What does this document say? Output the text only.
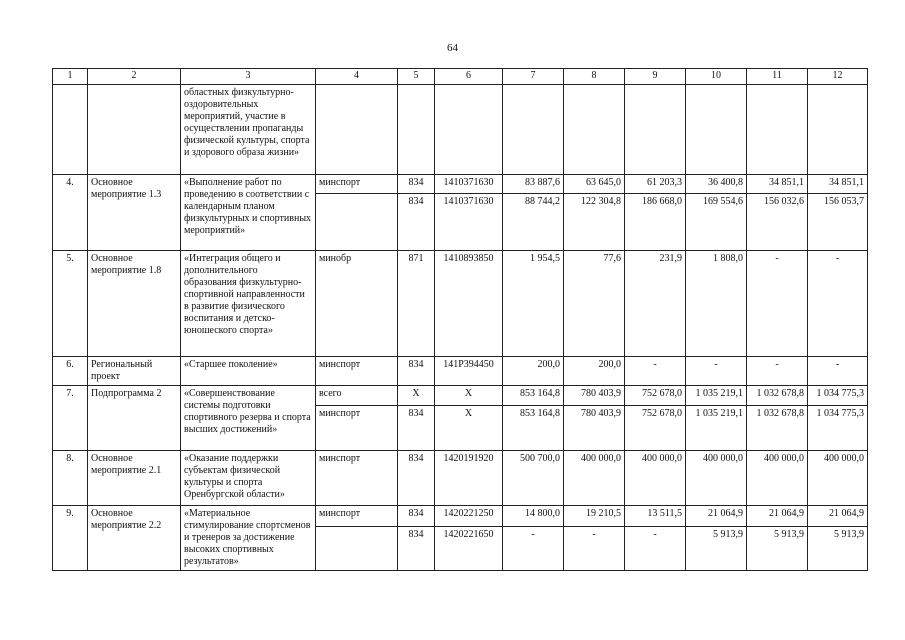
64
1	2	3	4	5	6	7	8	9	10	11	12
		областных физкультурно-оздоровительных мероприятий, участие в осуществлении пропаганды физической культуры, спорта и здорового образа жизни»									
4.	Основное мероприятие 1.3	«Выполнение работ по проведению в соответствии с календарным планом физкультурных и спортивных мероприятий»	минспорт	834	1410371630	83 887,6	63 645,0	61 203,3	36 400,8	34 851,1	34 851,1
				834	1410371630	88 744,2	122 304,8	186 668,0	169 554,6	156 032,6	156 053,7
5.	Основное мероприятие 1.8	«Интеграция общего и дополнительного образования физкультурно-спортивной направленности в развитие физического воспитания и детско-юношеского спорта»	минобр	871	1410893850	1 954,5	77,6	231,9	1 808,0	-	-
6.	Региональный проект	«Старшее поколение»	минспорт	834	141P394450	200,0	200,0	-	-	-	-
7.	Подпрограмма 2	«Совершенствование системы подготовки спортивного резерва и спорта высших достижений»	всего	Х	Х	853 164,8	780 403,9	752 678,0	1 035 219,1	1 032 678,8	1 034 775,3
			минспорт	834	Х	853 164,8	780 403,9	752 678,0	1 035 219,1	1 032 678,8	1 034 775,3
8.	Основное мероприятие 2.1	«Оказание поддержки субъектам физической культуры и спорта Оренбургской области»	минспорт	834	1420191920	500 700,0	400 000,0	400 000,0	400 000,0	400 000,0	400 000,0
9.	Основное мероприятие 2.2	«Материальное стимулирование спортсменов и тренеров за достижение высоких спортивных результатов»	минспорт	834	1420221250	14 800,0	19 210,5	13 511,5	21 064,9	21 064,9	21 064,9
				834	1420221650	-	-	-	5 913,9	5 913,9	5 913,9
